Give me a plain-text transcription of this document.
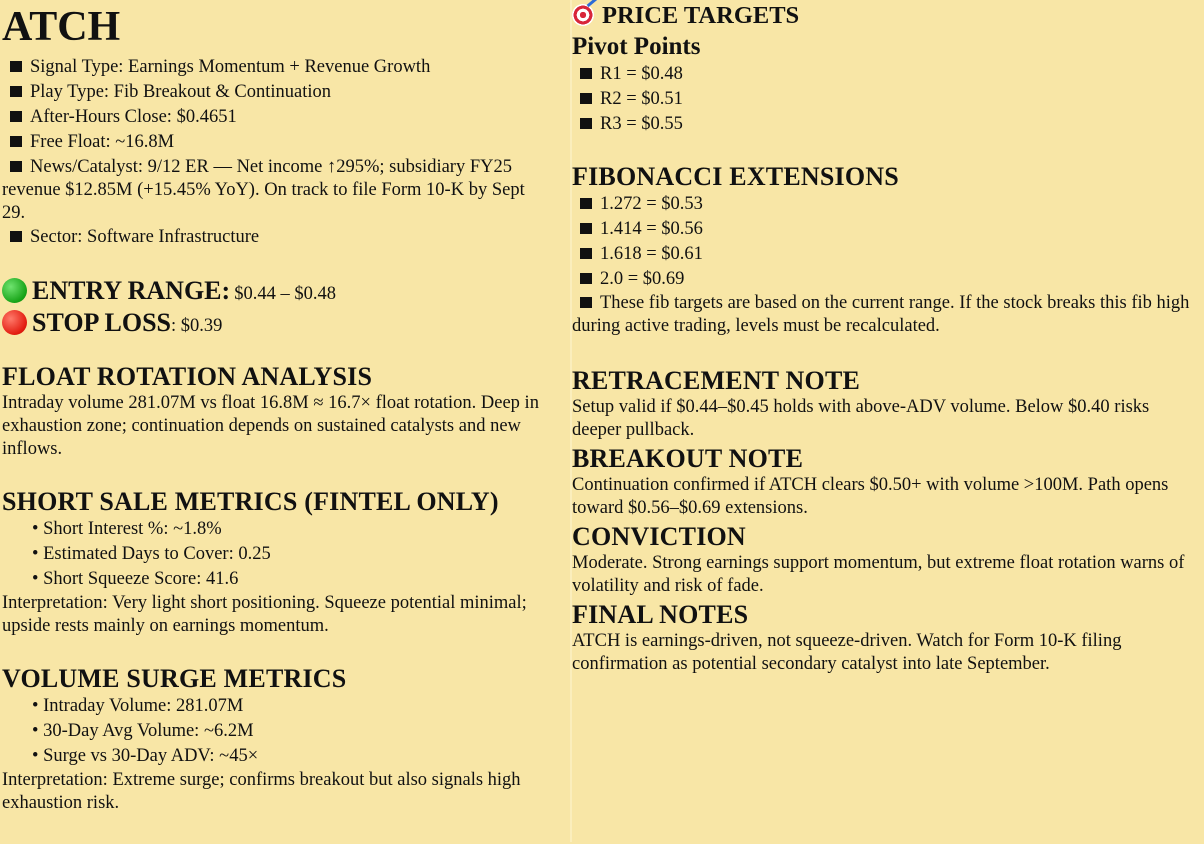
ATCH
Signal Type: Earnings Momentum + Revenue Growth
Play Type: Fib Breakout & Continuation
After-Hours Close: $0.4651
Free Float: ~16.8M
News/Catalyst: 9/12 ER — Net income ↑295%; subsidiary FY25
revenue $12.85M (+15.45% YoY). On track to file Form 10-K by Sept
29.
Sector: Software Infrastructure
ENTRY RANGE: $0.44 – $0.48
STOP LOSS: $0.39
FLOAT ROTATION ANALYSIS
Intraday volume 281.07M vs float 16.8M ≈ 16.7× float rotation. Deep in exhaustion zone; continuation depends on sustained catalysts and new inflows.
SHORT SALE METRICS (FINTEL ONLY)
• Short Interest %: ~1.8%
• Estimated Days to Cover: 0.25
• Short Squeeze Score: 41.6
Interpretation: Very light short positioning. Squeeze potential minimal; upside rests mainly on earnings momentum.
VOLUME SURGE METRICS
• Intraday Volume: 281.07M
• 30-Day Avg Volume: ~6.2M
• Surge vs 30-Day ADV: ~45×
Interpretation: Extreme surge; confirms breakout but also signals high exhaustion risk.
PRICE TARGETS
Pivot Points
R1 = $0.48
R2 = $0.51
R3 = $0.55
FIBONACCI EXTENSIONS
1.272 = $0.53
1.414 = $0.56
1.618 = $0.61
2.0 = $0.69
These fib targets are based on the current range. If the stock breaks this fib high during active trading, levels must be recalculated.
RETRACEMENT NOTE
Setup valid if $0.44–$0.45 holds with above-ADV volume. Below $0.40 risks deeper pullback.
BREAKOUT NOTE
Continuation confirmed if ATCH clears $0.50+ with volume >100M. Path opens toward $0.56–$0.69 extensions.
CONVICTION
Moderate. Strong earnings support momentum, but extreme float rotation warns of volatility and risk of fade.
FINAL NOTES
ATCH is earnings-driven, not squeeze-driven. Watch for Form 10-K filing confirmation as potential secondary catalyst into late September.
